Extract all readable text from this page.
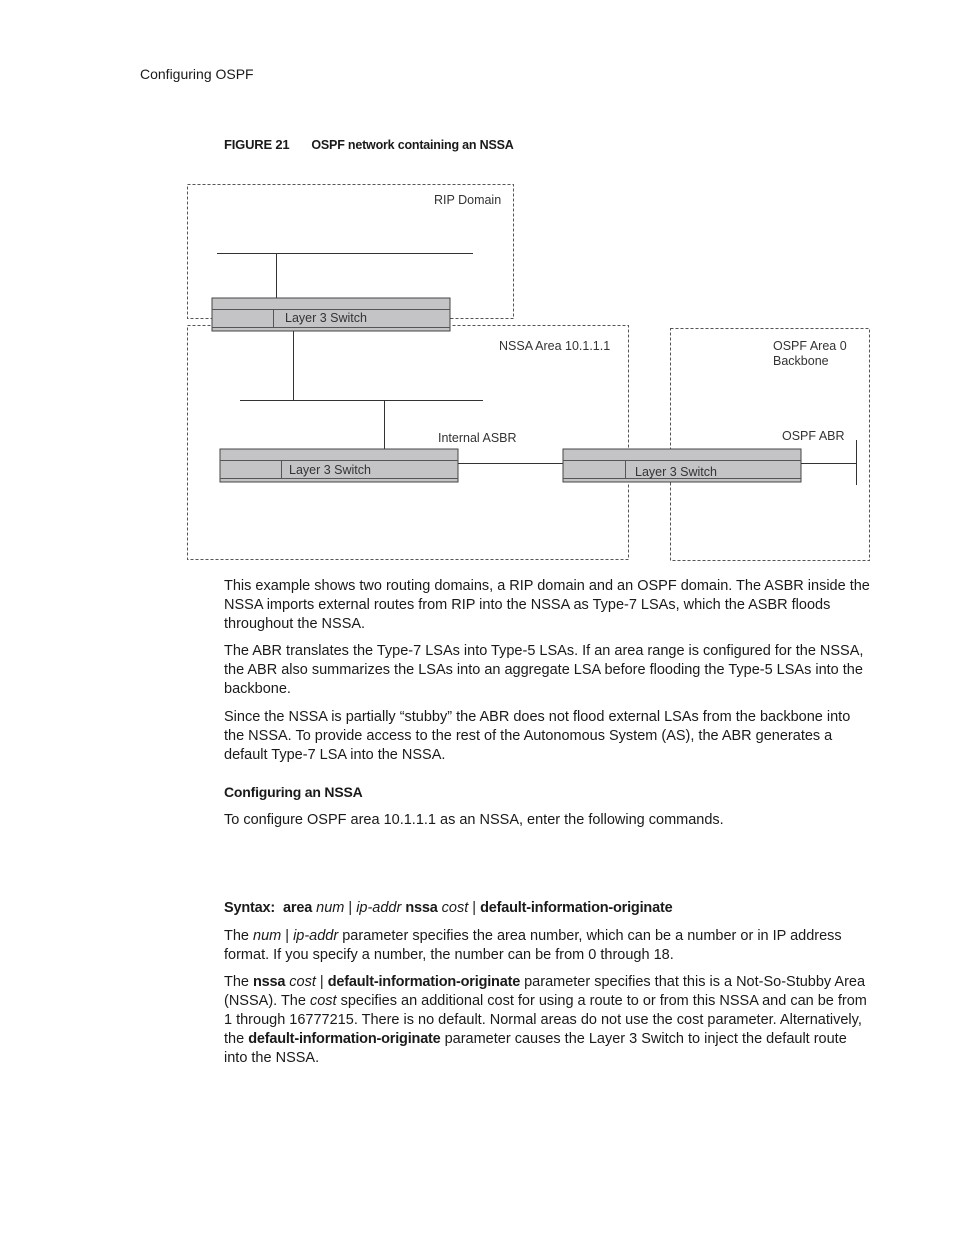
Configuring OSPF
FIGURE 21 OSPF network containing an NSSA
RIP Domain
NSSA Area 10.1.1.1	OSPF Area 0
Backbone
Internal ASBR	OSPF ABR
Layer 3 Switch
Layer 3 Switch	Layer 3 Switch

This example shows two routing domains, a RIP domain and an OSPF domain. The ASBR inside the NSSA imports external routes from RIP into the NSSA as Type-7 LSAs, which the ASBR floods throughout the NSSA.

The ABR translates the Type-7 LSAs into Type-5 LSAs. If an area range is configured for the NSSA, the ABR also summarizes the LSAs into an aggregate LSA before flooding the Type-5 LSAs into the backbone.

Since the NSSA is partially “stubby” the ABR does not flood external LSAs from the backbone into the NSSA. To provide access to the rest of the Autonomous System (AS), the ABR generates a default Type-7 LSA into the NSSA.

Configuring an NSSA
To configure OSPF area 10.1.1.1 as an NSSA, enter the following commands.
Syntax: area num | ip-addr nssa cost | default-information-originate
The num | ip-addr parameter specifies the area number, which can be a number or in IP address format. If you specify a number, the number can be from 0 through 18.
The nssa cost | default-information-originate parameter specifies that this is a Not-So-Stubby Area (NSSA). The cost specifies an additional cost for using a route to or from this NSSA and can be from 1 through 16777215. There is no default. Normal areas do not use the cost parameter. Alternatively, the default-information-originate parameter causes the Layer 3 Switch to inject the default route into the NSSA.
